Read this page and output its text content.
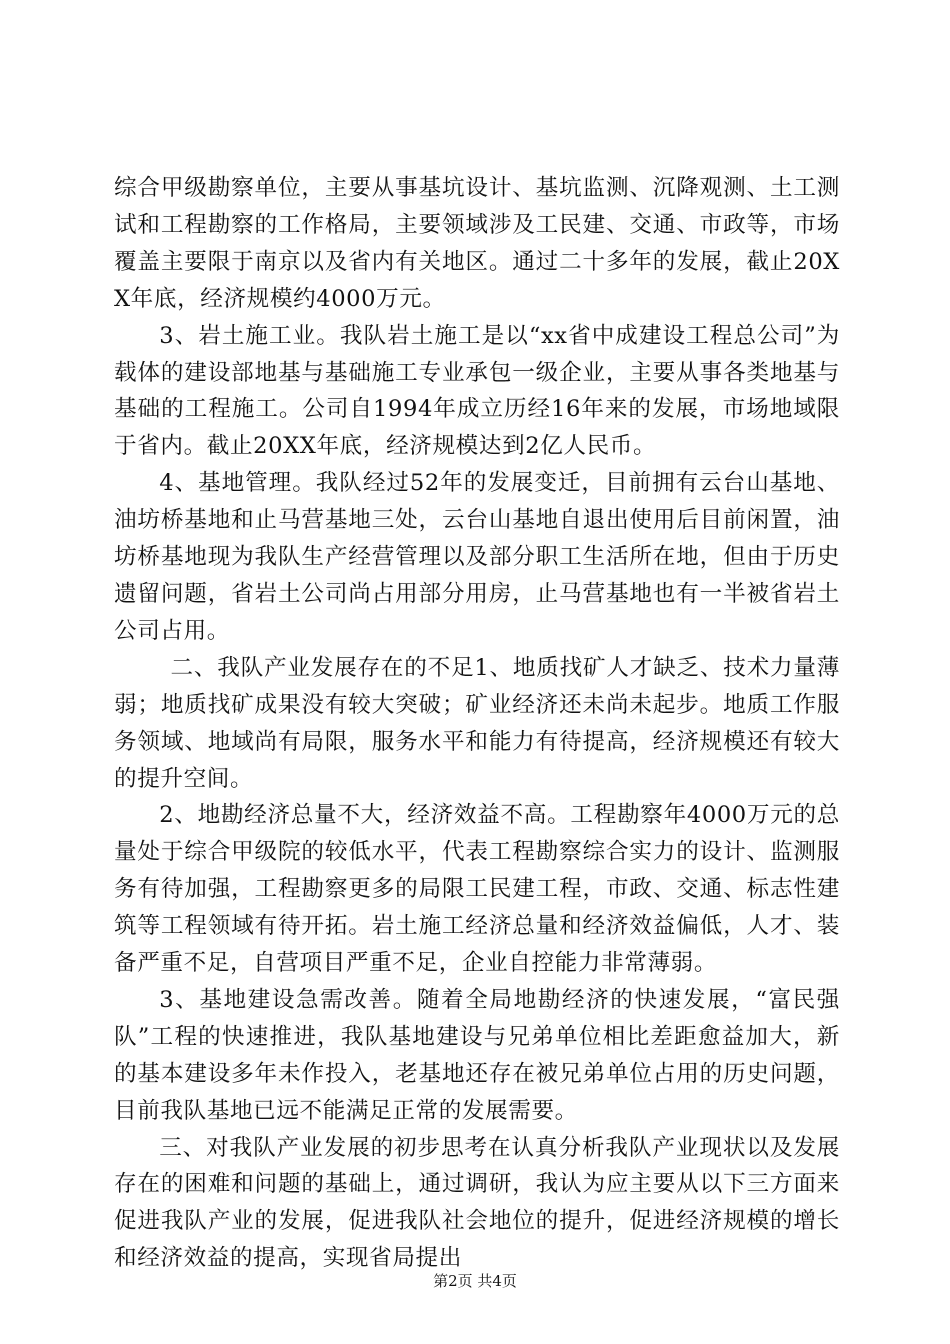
综合甲级勘察单位，主要从事基坑设计、基坑监测、沉降观测、土工测试和工程勘察的工作格局，主要领域涉及工民建、交通、市政等，市场覆盖主要限于南京以及省内有关地区。通过二十多年的发展，截止20XX年底，经济规模约4000万元。

3、岩土施工业。我队岩土施工是以“xx省中成建设工程总公司”为载体的建设部地基与基础施工专业承包一级企业，主要从事各类地基与基础的工程施工。公司自1994年成立历经16年来的发展，市场地域限于省内。截止20XX年底，经济规模达到2亿人民币。

4、基地管理。我队经过52年的发展变迁，目前拥有云台山基地、油坊桥基地和止马营基地三处，云台山基地自退出使用后目前闲置，油坊桥基地现为我队生产经营管理以及部分职工生活所在地，但由于历史遗留问题，省岩土公司尚占用部分用房，止马营基地也有一半被省岩土公司占用。

二、我队产业发展存在的不足1、地质找矿人才缺乏、技术力量薄弱；地质找矿成果没有较大突破；矿业经济还未尚未起步。地质工作服务领域、地域尚有局限，服务水平和能力有待提高，经济规模还有较大的提升空间。

2、地勘经济总量不大，经济效益不高。工程勘察年4000万元的总量处于综合甲级院的较低水平，代表工程勘察综合实力的设计、监测服务有待加强，工程勘察更多的局限工民建工程，市政、交通、标志性建筑等工程领域有待开拓。岩土施工经济总量和经济效益偏低，人才、装备严重不足，自营项目严重不足，企业自控能力非常薄弱。

3、基地建设急需改善。随着全局地勘经济的快速发展，“富民强队”工程的快速推进，我队基地建设与兄弟单位相比差距愈益加大，新的基本建设多年未作投入，老基地还存在被兄弟单位占用的历史问题，目前我队基地已远不能满足正常的发展需要。

三、对我队产业发展的初步思考在认真分析我队产业现状以及发展存在的困难和问题的基础上，通过调研，我认为应主要从以下三方面来促进我队产业的发展，促进我队社会地位的提升，促进经济规模的增长和经济效益的提高，实现省局提出

第2页 共4页
